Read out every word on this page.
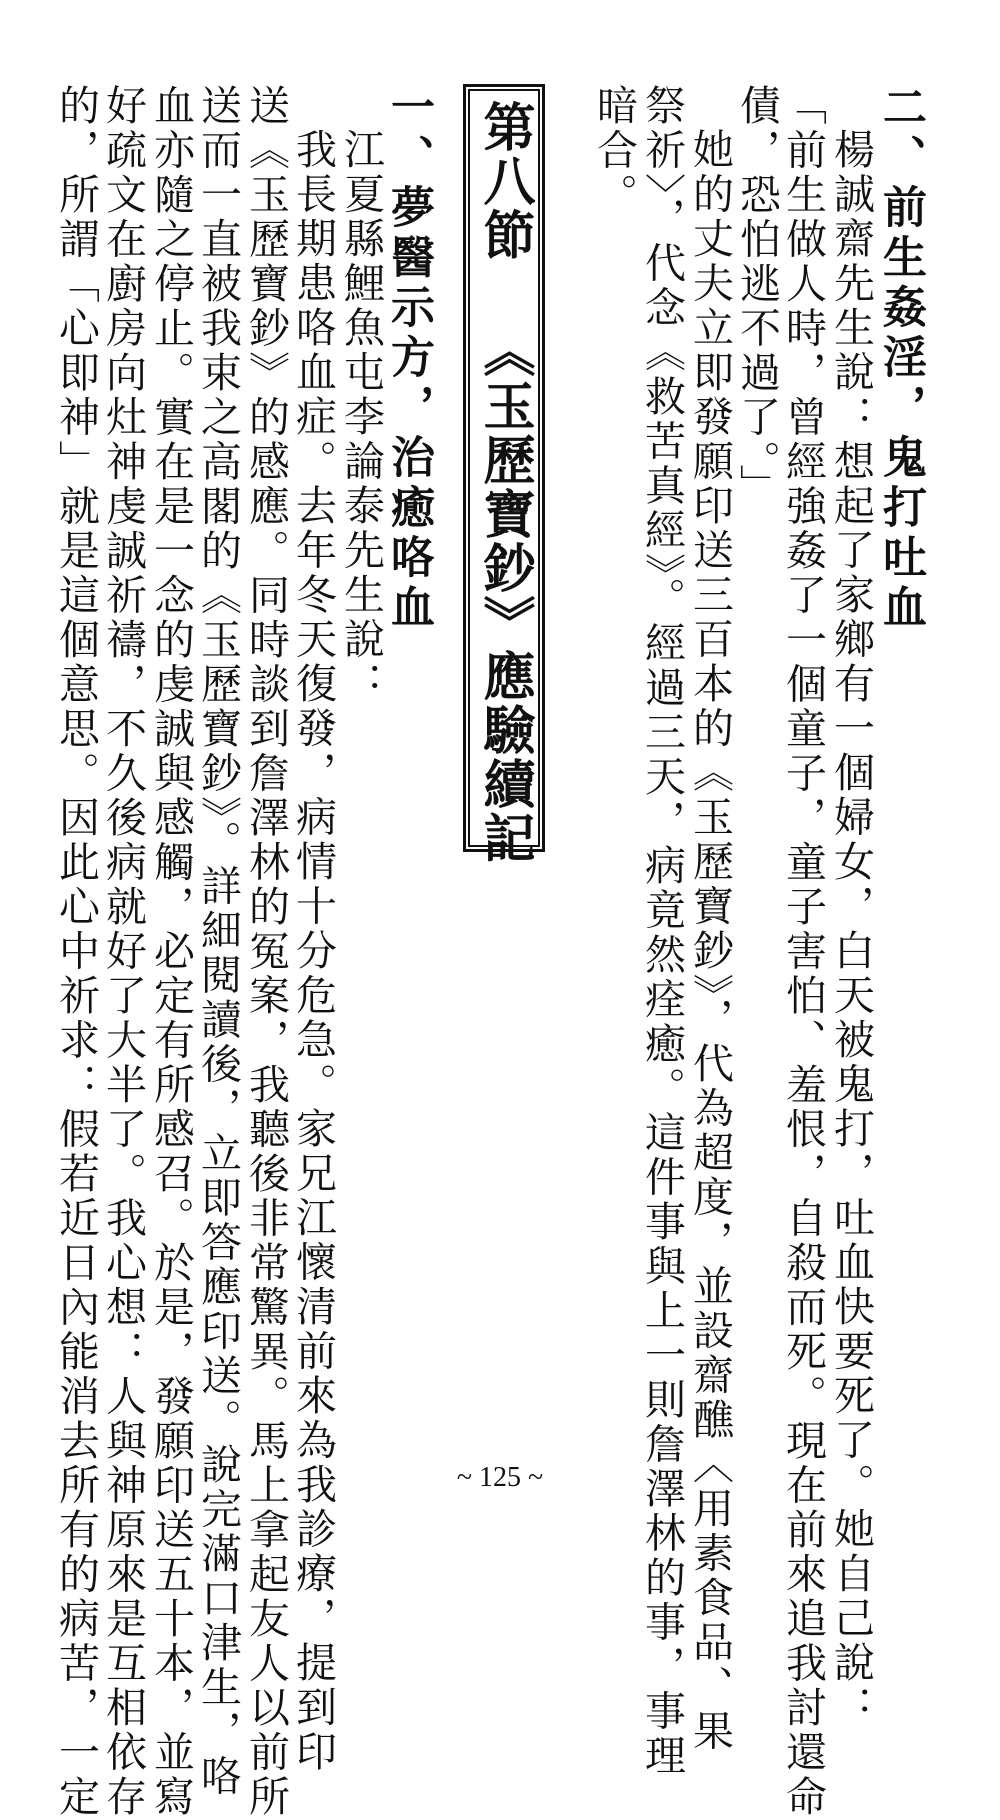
二、前生姦淫，鬼打吐血
楊誠齋先生說：想起了家鄉有一個婦女，白天被鬼打，吐血快要死了。她自己說：
「前生做人時，曾經強姦了一個童子，童子害怕、羞恨，自殺而死。現在前來追我討還命
債，恐怕逃不過了。」
她的丈夫立即發願印送三百本的《玉歷寶鈔》，代為超度，並設齋醮〈用素食品、果
祭祈〉，代念《救苦真經》。經過三天，病竟然痊癒。這件事與上一則詹澤林的事，事理
暗合。
一、夢醫示方，治癒咯血
江夏縣鯉魚屯李論泰先生說：
我長期患咯血症。去年冬天復發，病情十分危急。家兄江懷清前來為我診療，提到印
送《玉歷寶鈔》的感應。同時談到詹澤林的冤案，我聽後非常驚異。馬上拿起友人以前所
送而一直被我束之高閣的《玉歷寶鈔》。詳細閱讀後，立即答應印送。說完滿口津生，咯
血亦隨之停止。實在是一念的虔誠與感觸，必定有所感召。於是，發願印送五十本，並寫
好疏文在廚房向灶神虔誠祈禱，不久後病就好了大半了。我心想：人與神原來是互相依存
的，所謂「心即神」就是這個意思。因此心中祈求：假若近日內能消去所有的病苦，一定	第八節 《玉歷寶鈔》應驗續記
~ 125 ~
